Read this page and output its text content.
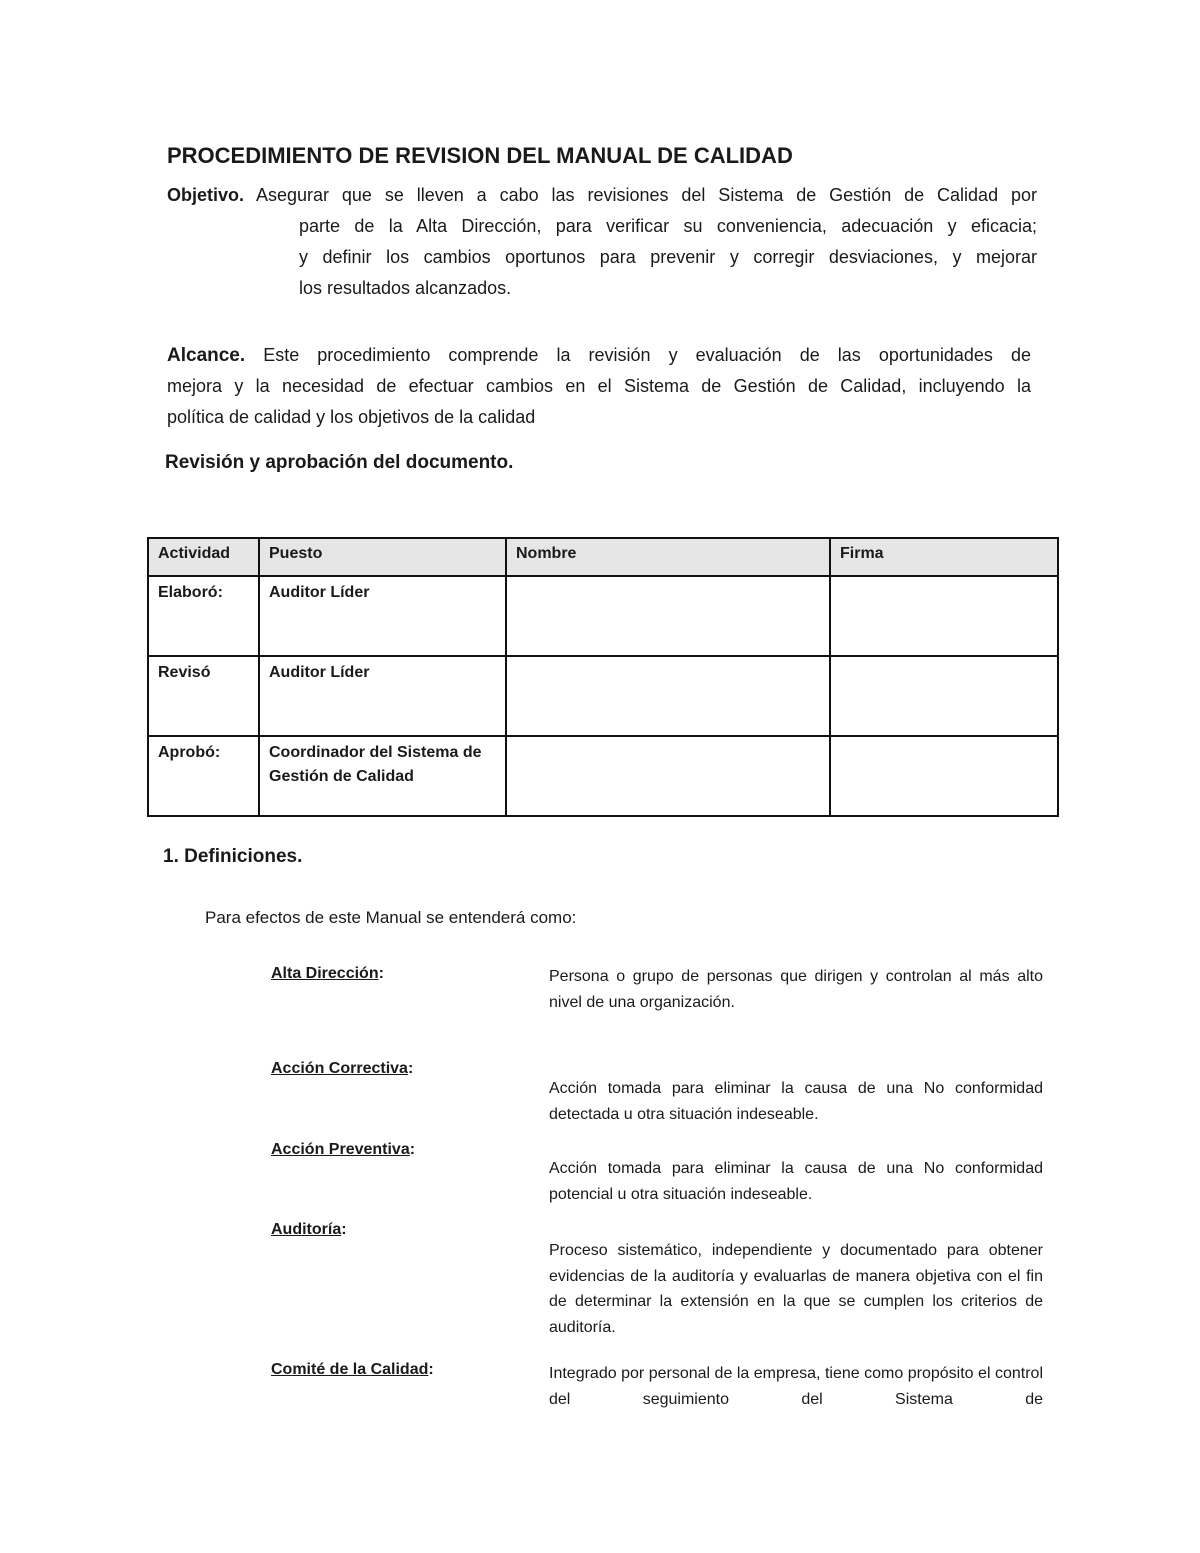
PROCEDIMIENTO DE REVISION DEL MANUAL DE CALIDAD
Objetivo. Asegurar que se lleven a cabo las revisiones del Sistema de Gestión de Calidad por
parte de la Alta Dirección, para verificar su conveniencia, adecuación y eficacia;
y definir los cambios oportunos para prevenir y corregir desviaciones, y mejorar
los resultados alcanzados.
Alcance. Este procedimiento comprende la revisión y evaluación de las oportunidades de
mejora y la necesidad de efectuar cambios en el Sistema de Gestión de Calidad, incluyendo la
política de calidad y los objetivos de la calidad
Revisión y aprobación del documento.
Actividad	Puesto	Nombre	Firma
Elaboró:	Auditor Líder		
Revisó	Auditor Líder		
Aprobó:	Coordinador del Sistema de Gestión de Calidad		
1. Definiciones.
Para efectos de este Manual se entenderá como:
Alta Dirección:	Persona o grupo de personas que dirigen y controlan al más alto nivel de una organización.
Acción Correctiva:
Acción tomada para eliminar la causa de una No conformidad detectada u otra situación indeseable.
Acción Preventiva:
Acción tomada para eliminar la causa de una No conformidad potencial u otra situación indeseable.
Auditoría:
Proceso sistemático, independiente y documentado para obtener evidencias de la auditoría y evaluarlas de manera objetiva con el fin de determinar la extensión en la que se cumplen los criterios de auditoría.
Comité de la Calidad:	Integrado por personal de la empresa, tiene como propósito el control del seguimiento del Sistema de
